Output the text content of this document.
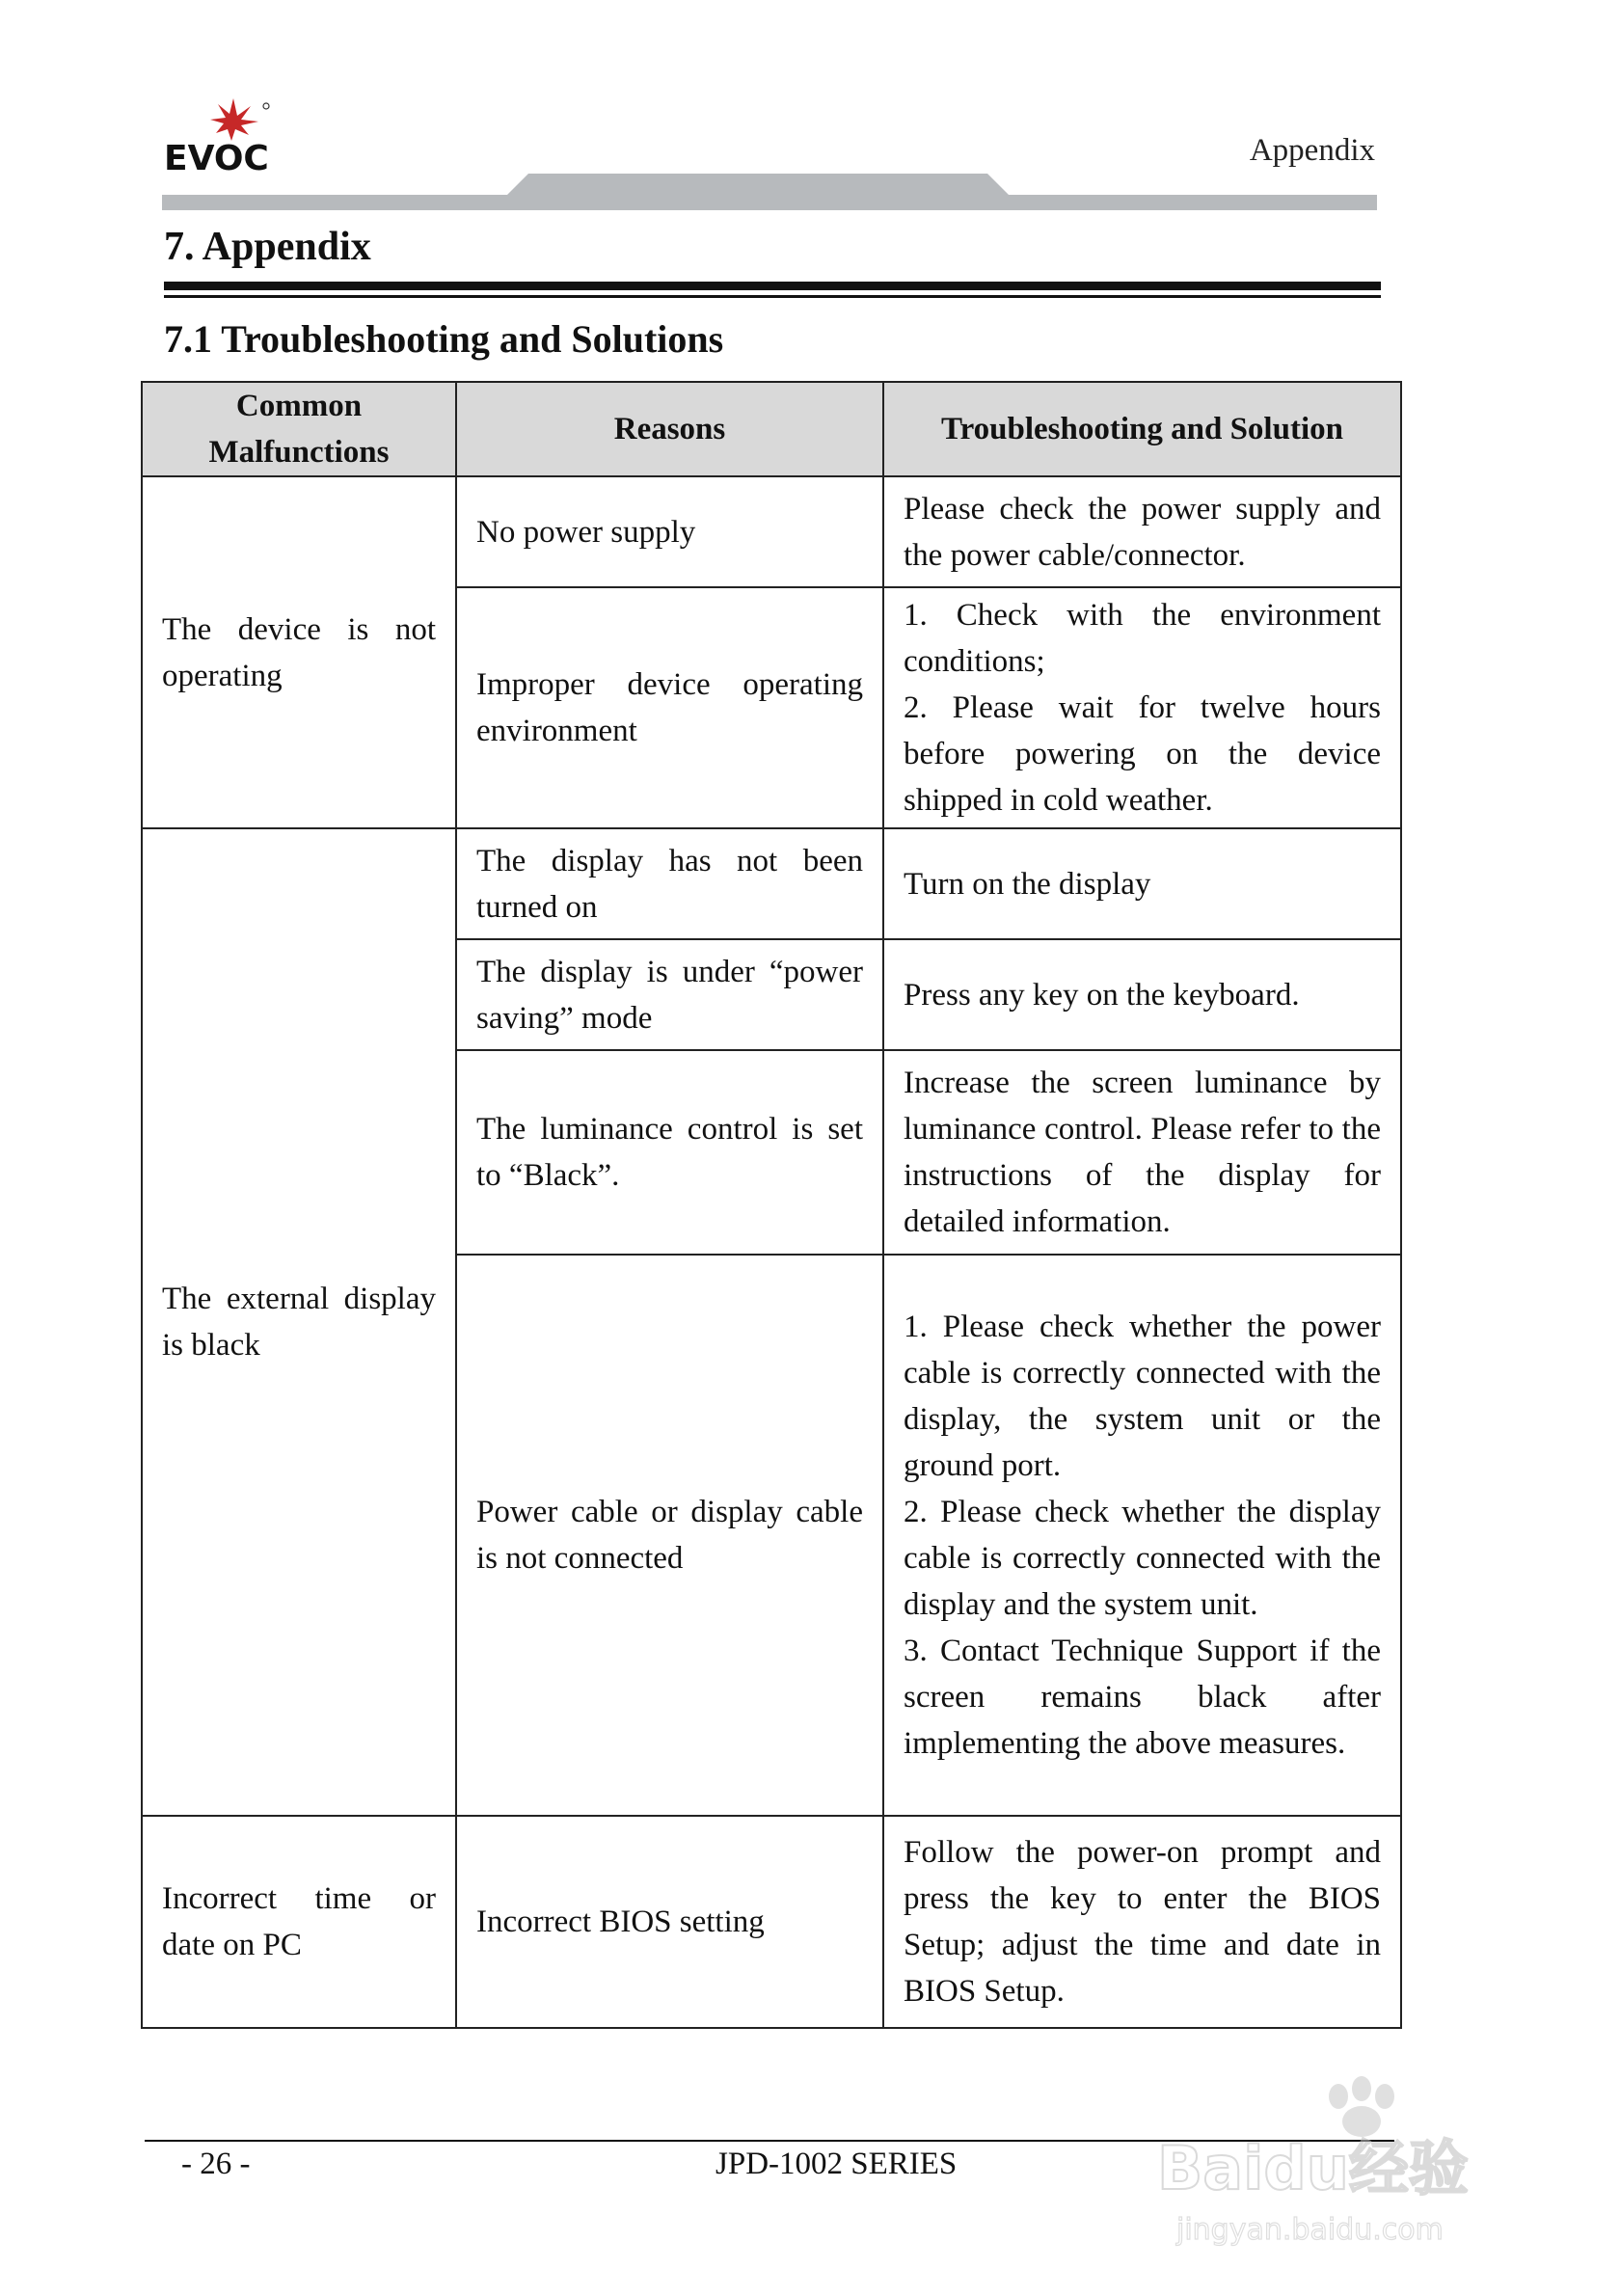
EVOC	Appendix
7. Appendix
7.1 Troubleshooting and Solutions
Common Malfunctions	Reasons	Troubleshooting and Solution
The device is not operating	No power supply	Please check the power supply and the power cable/connector.

	Improper device operating environment	1. Check with the environment conditions;
2. Please wait for twelve hours before powering on the device shipped in cold weather.

The external display is black	The display has not been turned on	Turn on the display

	The display is under “power saving” mode	Press any key on the keyboard.

	The luminance control is set to “Black”.	Increase the screen luminance by luminance control. Please refer to the instructions of the display for detailed information.

	Power cable or display cable is not connected	1. Please check whether the power cable is correctly connected with the display, the system unit or the ground port.
2. Please check whether the display cable is correctly connected with the display and the system unit.
3. Contact Technique Support if the screen remains black after implementing the above measures.

Incorrect time or date on PC	Incorrect BIOS setting	Follow the power-on prompt and press the key to enter the BIOS Setup; adjust the time and date in BIOS Setup.
- 26 -	JPD-1002 SERIES	Baidu经验
jingyan.baidu.com
